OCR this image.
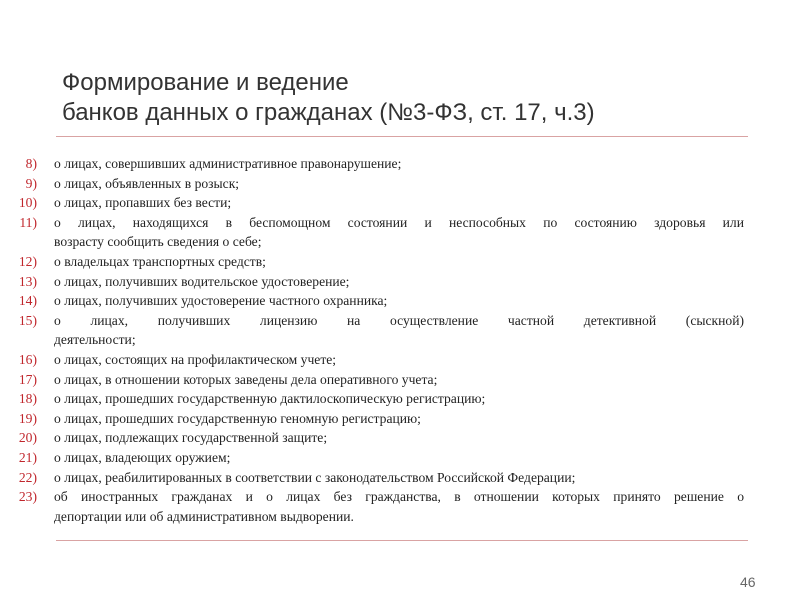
Формирование и ведение
банков данных о гражданах (№3-ФЗ, ст. 17, ч.3)
8) о лицах, совершивших административное правонарушение;
9) о лицах, объявленных в розыск;
10) о лицах, пропавших без вести;
11) о лицах, находящихся в беспомощном состоянии и неспособных по состоянию здоровья или
возрасту сообщить сведения о себе;
12) о владельцах транспортных средств;
13) о лицах, получивших водительское удостоверение;
14) о лицах, получивших удостоверение частного охранника;
15) о лицах, получивших лицензию на осуществление частной детективной (сыскной)
деятельности;
16) о лицах, состоящих на профилактическом учете;
17) о лицах, в отношении которых заведены дела оперативного учета;
18) о лицах, прошедших государственную дактилоскопическую регистрацию;
19) о лицах, прошедших государственную геномную регистрацию;
20) о лицах, подлежащих государственной защите;
21) о лицах, владеющих оружием;
22) о лицах, реабилитированных в соответствии с законодательством Российской Федерации;
23) об иностранных гражданах и о лицах без гражданства, в отношении которых принято решение о
депортации или об административном выдворении.
46
